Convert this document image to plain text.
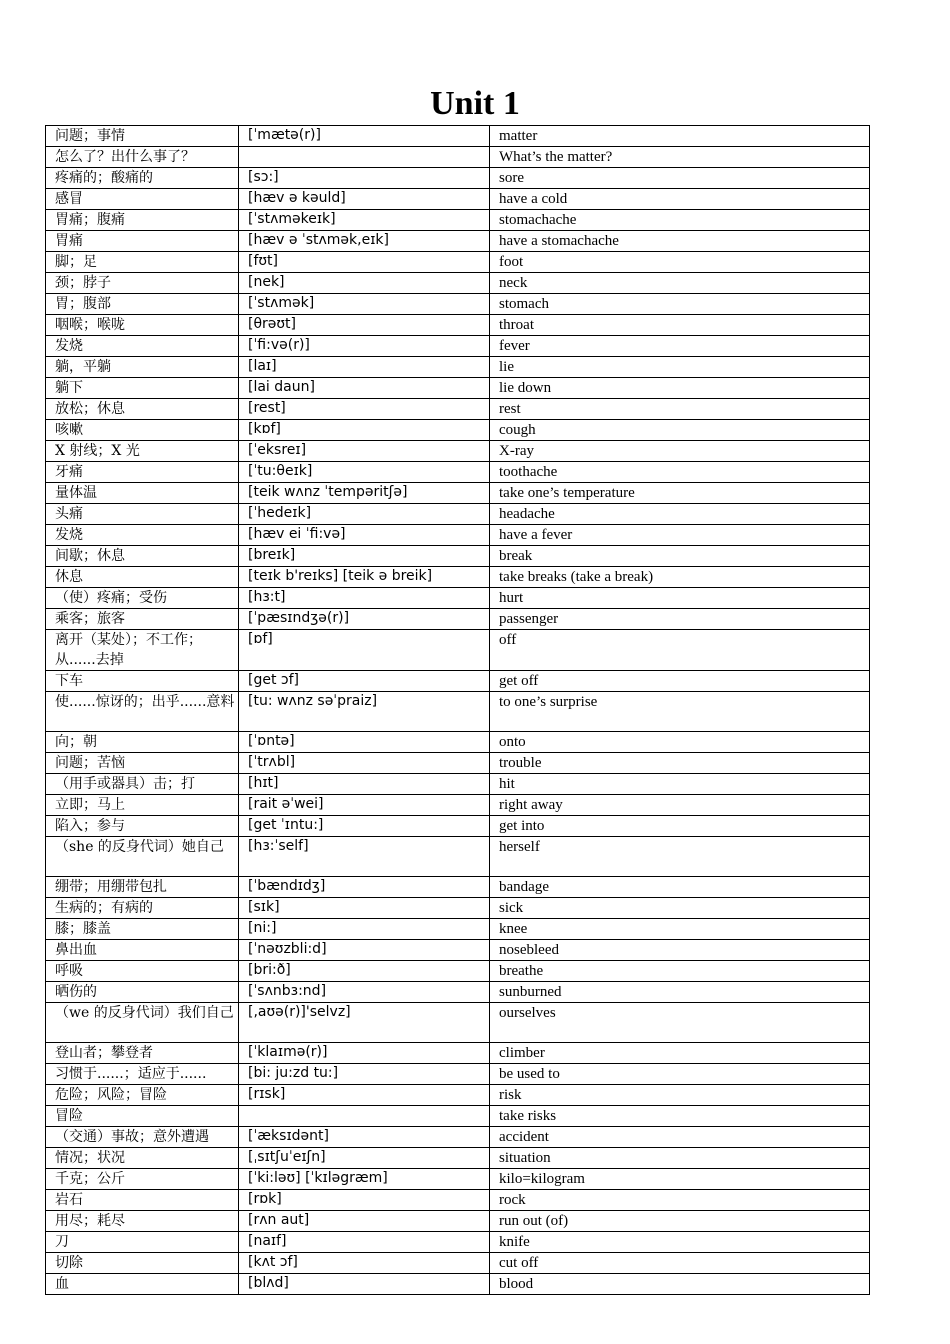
Unit 1
问题；事情	[ˈmætə(r)]	matter
怎么了？出什么事了？		What’s the matter?
疼痛的；酸痛的	[sɔ:]	sore
感冒	[hæv ə kəuld]	have a cold
胃痛；腹痛	[ˈstʌməkeɪk]	stomachache
胃痛	[hæv ə ˈstʌmək,eɪk]	have a stomachache
脚；足	[fʊt]	foot
颈；脖子	[nek]	neck
胃；腹部	[ˈstʌmək]	stomach
咽喉；喉咙	[θrəʊt]	throat
发烧	[ˈfi:və(r)]	fever
躺，平躺	[laɪ]	lie
躺下	[lai daun]	lie down
放松；休息	[rest]	rest
咳嗽	[kɒf]	cough
X 射线；X 光	[ˈeksreɪ]	X-ray
牙痛	[ˈtu:θeɪk]	toothache
量体温	[teik wʌnz ˈtempəritʃə]	take one’s temperature
头痛	[ˈhedeɪk]	headache
发烧	[hæv ei ˈfi:və]	have a fever
间歇；休息	[breɪk]	break
休息	[teɪk b'reɪks] [teik ə breik]	take breaks (take a break)
（使）疼痛；受伤	[hɜ:t]	hurt
乘客；旅客	[ˈpæsɪndʒə(r)]	passenger
离开（某处）；不工作；从......去掉	[ɒf]	off
下车	[get ɔf]	get off
使......惊讶的；出乎......意料	[tu: wʌnz səˈpraiz]	to one’s surprise
向；朝	[ˈɒntə]	onto
问题；苦恼	[ˈtrʌbl]	trouble
（用手或器具）击；打	[hɪt]	hit
立即；马上	[rait əˈwei]	right away
陷入；参与	[get ˈɪntu:]	get into
（she 的反身代词）她自己	[hɜ:ˈself]	herself
绷带；用绷带包扎	[ˈbændɪdʒ]	bandage
生病的；有病的	[sɪk]	sick
膝；膝盖	[ni:]	knee
鼻出血	[ˈnəʊzbli:d]	nosebleed
呼吸	[bri:ð]	breathe
晒伤的	[ˈsʌnbɜ:nd]	sunburned
（we 的反身代词）我们自己	[,aʊə(r)]'selvz]	ourselves
登山者；攀登者	[ˈklaɪmə(r)]	climber
习惯于......；适应于......	[bi: ju:zd tu:]	be used to
危险；风险；冒险	[rɪsk]	risk
冒险		take risks
（交通）事故；意外遭遇	[ˈæksɪdənt]	accident
情况；状况	[ˌsɪtʃuˈeɪʃn]	situation
千克；公斤	[ˈki:ləʊ] [ˈkɪləgræm]	kilo=kilogram
岩石	[rɒk]	rock
用尽；耗尽	[rʌn aut]	run out (of)
刀	[naɪf]	knife
切除	[kʌt ɔf]	cut off
血	[blʌd]	blood
